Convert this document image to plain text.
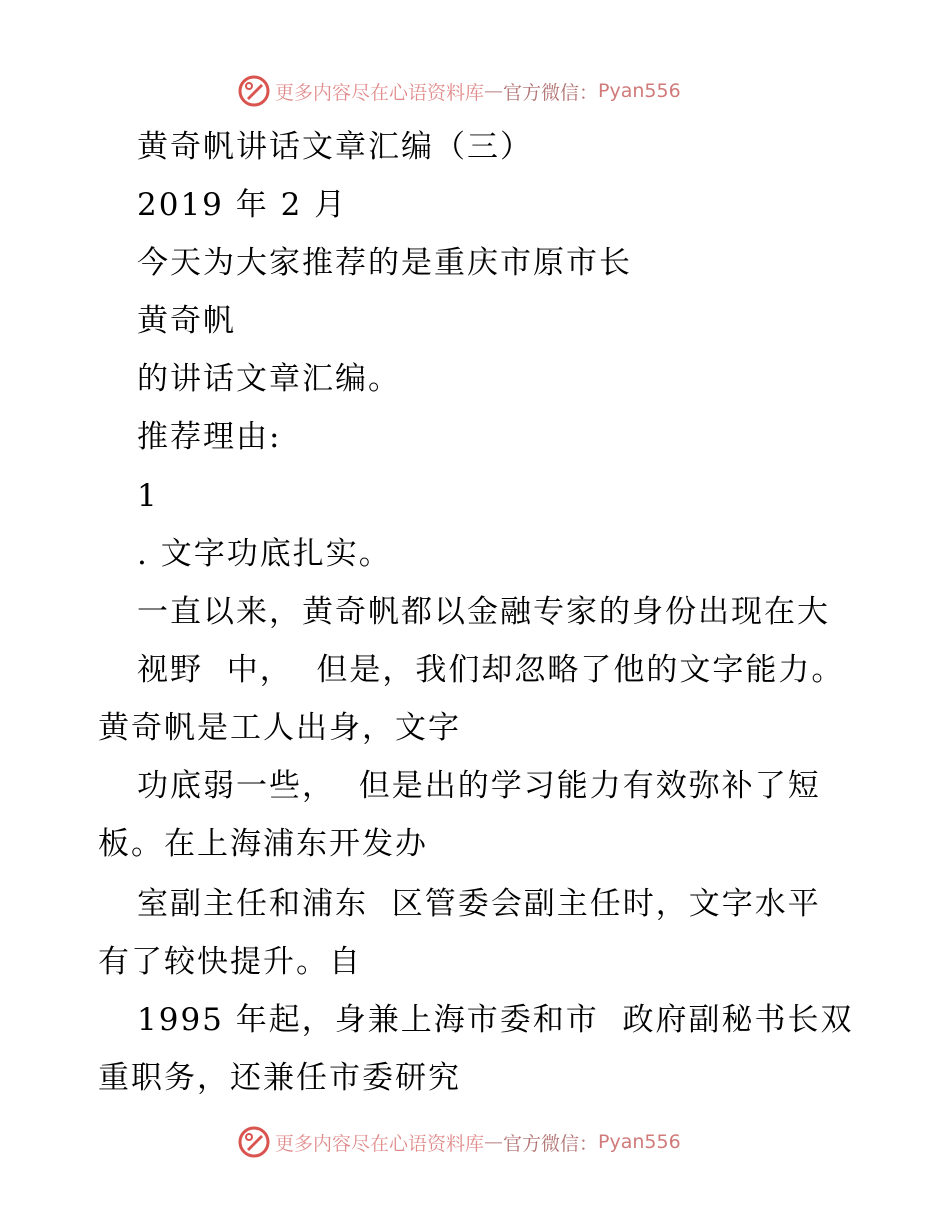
更多内容尽在心语资料库 — 官方微信： Pyan556
黄奇帆讲话文章汇编（三）
2019 年 2 月
今天为大家推荐的是重庆市原市长
黄奇帆
的讲话文章汇编。
推荐理由:
1
. 文字功底扎实。
一直以来，黄奇帆都以金融专家的身份出现在大
视野  中，  但是，我们却忽略了他的文字能力。
黄奇帆是工人出身，文字
功底弱一些，  但是出的学习能力有效弥补了短
板。在上海浦东开发办
室副主任和浦东  区管委会副主任时，文字水平
有了较快提升。自
1995 年起，身兼上海市委和市  政府副秘书长双
重职务，还兼任市委研究
更多内容尽在心语资料库 — 官方微信： Pyan556
